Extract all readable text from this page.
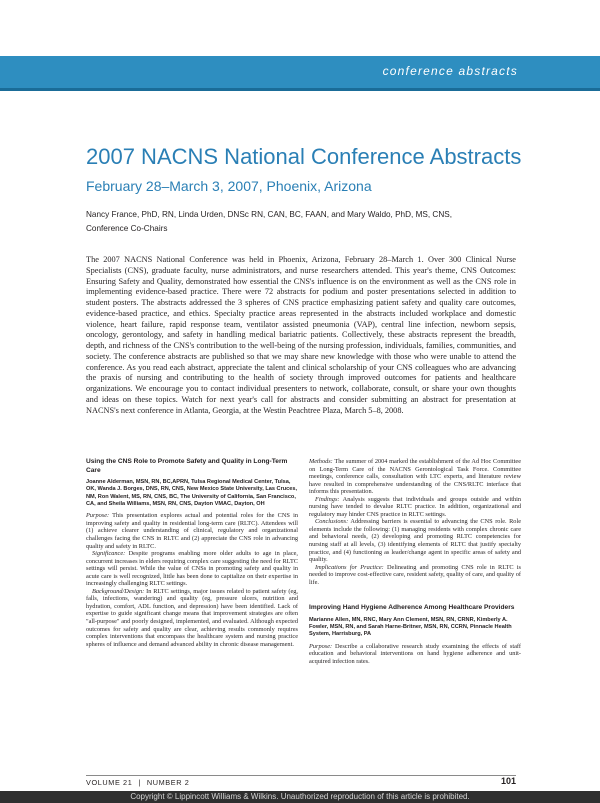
conference abstracts
2007 NACNS National Conference Abstracts
February 28–March 3, 2007, Phoenix, Arizona
Nancy France, PhD, RN, Linda Urden, DNSc RN, CAN, BC, FAAN, and Mary Waldo, PhD, MS, CNS,
Conference Co-Chairs

The 2007 NACNS National Conference was held in Phoenix, Arizona, February 28–March 1. Over 300 Clinical Nurse Specialists (CNS), graduate faculty, nurse administrators, and nurse researchers attended. This year's theme, CNS Outcomes: Ensuring Safety and Quality, demonstrated how essential the CNS's influence is on the environment as well as the CNS role in implementing evidence-based practice. There were 72 abstracts for podium and poster presentations selected in addition to student posters. The abstracts addressed the 3 spheres of CNS practice emphasizing patient safety and quality care outcomes, evidence-based practice, and ethics. Specialty practice areas represented in the abstracts included workplace and domestic violence, heart failure, rapid response team, ventilator assisted pneumonia (VAP), central line infection, newborn sepsis, oncology, gerontology, and safety in handling medical bariatric patients. Collectively, these abstracts represent the breadth, depth, and richness of the CNS's contribution to the well-being of the nursing profession, individuals, families, communities, and society. The conference abstracts are published so that we may share new knowledge with those who were unable to attend the conference. As you read each abstract, appreciate the talent and clinical scholarship of your CNS colleagues who are advancing the praxis of nursing and contributing to the health of society through improved outcomes for patients and healthcare organizations. We encourage you to contact individual presenters to network, collaborate, consult, or share your own thoughts and ideas on these topics. Watch for next year's call for abstracts and consider submitting an abstract for presentation at NACNS's next conference in Atlanta, Georgia, at the Westin Peachtree Plaza, March 5–8, 2008.

Using the CNS Role to Promote Safety and Quality in Long-Term Care
Joanne Alderman, MSN, RN, BC,APRN, Tulsa Regional Medical Center, Tulsa, OK, Wanda J. Borges, DNS, RN, CNS, New Mexico State University, Las Cruces, NM, Ron Walent, MS, RN, CNS, BC, The University of California, San Francisco, CA, and Sheila Williams, MSN, RN, CNS, Dayton VMAC, Dayton, OH

Purpose: This presentation explores actual and potential roles for the CNS in improving safety and quality in residential long-term care (RLTC). Attendees will (1) achieve clearer understanding of clinical, regulatory and organizational challenges facing the CNS in RLTC and (2) appreciate the CNS role in advancing quality and safety in RLTC.

Significance: Despite programs enabling more older adults to age in place, concurrent increases in elders requiring complex care suggesting the need for RLTC settings will persist. While the value of CNSs in promoting safety and quality in acute care is well recognized, little has been done to capitalize on their expertise in increasingly challenging RLTC settings.

Background/Design: In RLTC settings, major issues related to patient safety (eg, falls, infections, wandering) and quality (eg, pressure ulcers, nutrition and hydration, comfort, ADL function, and depression) have been identified. Lack of expertise to guide significant change means that improvement strategies are often "all-purpose" and poorly designed, implemented, and evaluated. Although expected outcomes for safety and quality are clear, achieving results commonly requires complex interventions that encompass the healthcare system and nursing practice spheres of influence and demand advanced ability in chronic disease management.

Methods: The summer of 2004 marked the establishment of the Ad Hoc Committee on Long-Term Care of the NACNS Gerontological Task Force. Committee meetings, conference calls, consultation with LTC experts, and literature review have resulted in comprehensive understanding of the CNS/RLTC interface that informs this presentation.

Findings: Analysis suggests that individuals and groups outside and within nursing have tended to devalue RLTC practice. In addition, organizational and regulatory may hinder CNS practice in RLTC settings.

Conclusions: Addressing barriers is essential to advancing the CNS role. Role elements include the following: (1) managing residents with complex chronic care and behavioral needs, (2) developing and promoting RLTC competencies for nursing staff at all levels, (3) identifying elements of RLTC that justify specialty practice, and (4) functioning as leader/change agent in specific areas of safety and quality.

Implications for Practice: Delineating and promoting CNS role in RLTC is needed to improve cost-effective care, resident safety, quality of care, and quality of life.

Improving Hand Hygiene Adherence Among Healthcare Providers
Marianne Allen, MN, RNC, Mary Ann Clement, MSN, RN, CRNR, Kimberly A. Fowler, MSN, RN, and Sarah Harne-Britner, MSN, RN, CCRN, Pinnacle Health System, Harrisburg, PA

Purpose: Describe a collaborative research study examining the effects of staff education and behavioral interventions on hand hygiene adherence and unit-acquired infection rates.

VOLUME 21 | NUMBER 2	101
Copyright © Lippincott Williams & Wilkins. Unauthorized reproduction of this article is prohibited.
